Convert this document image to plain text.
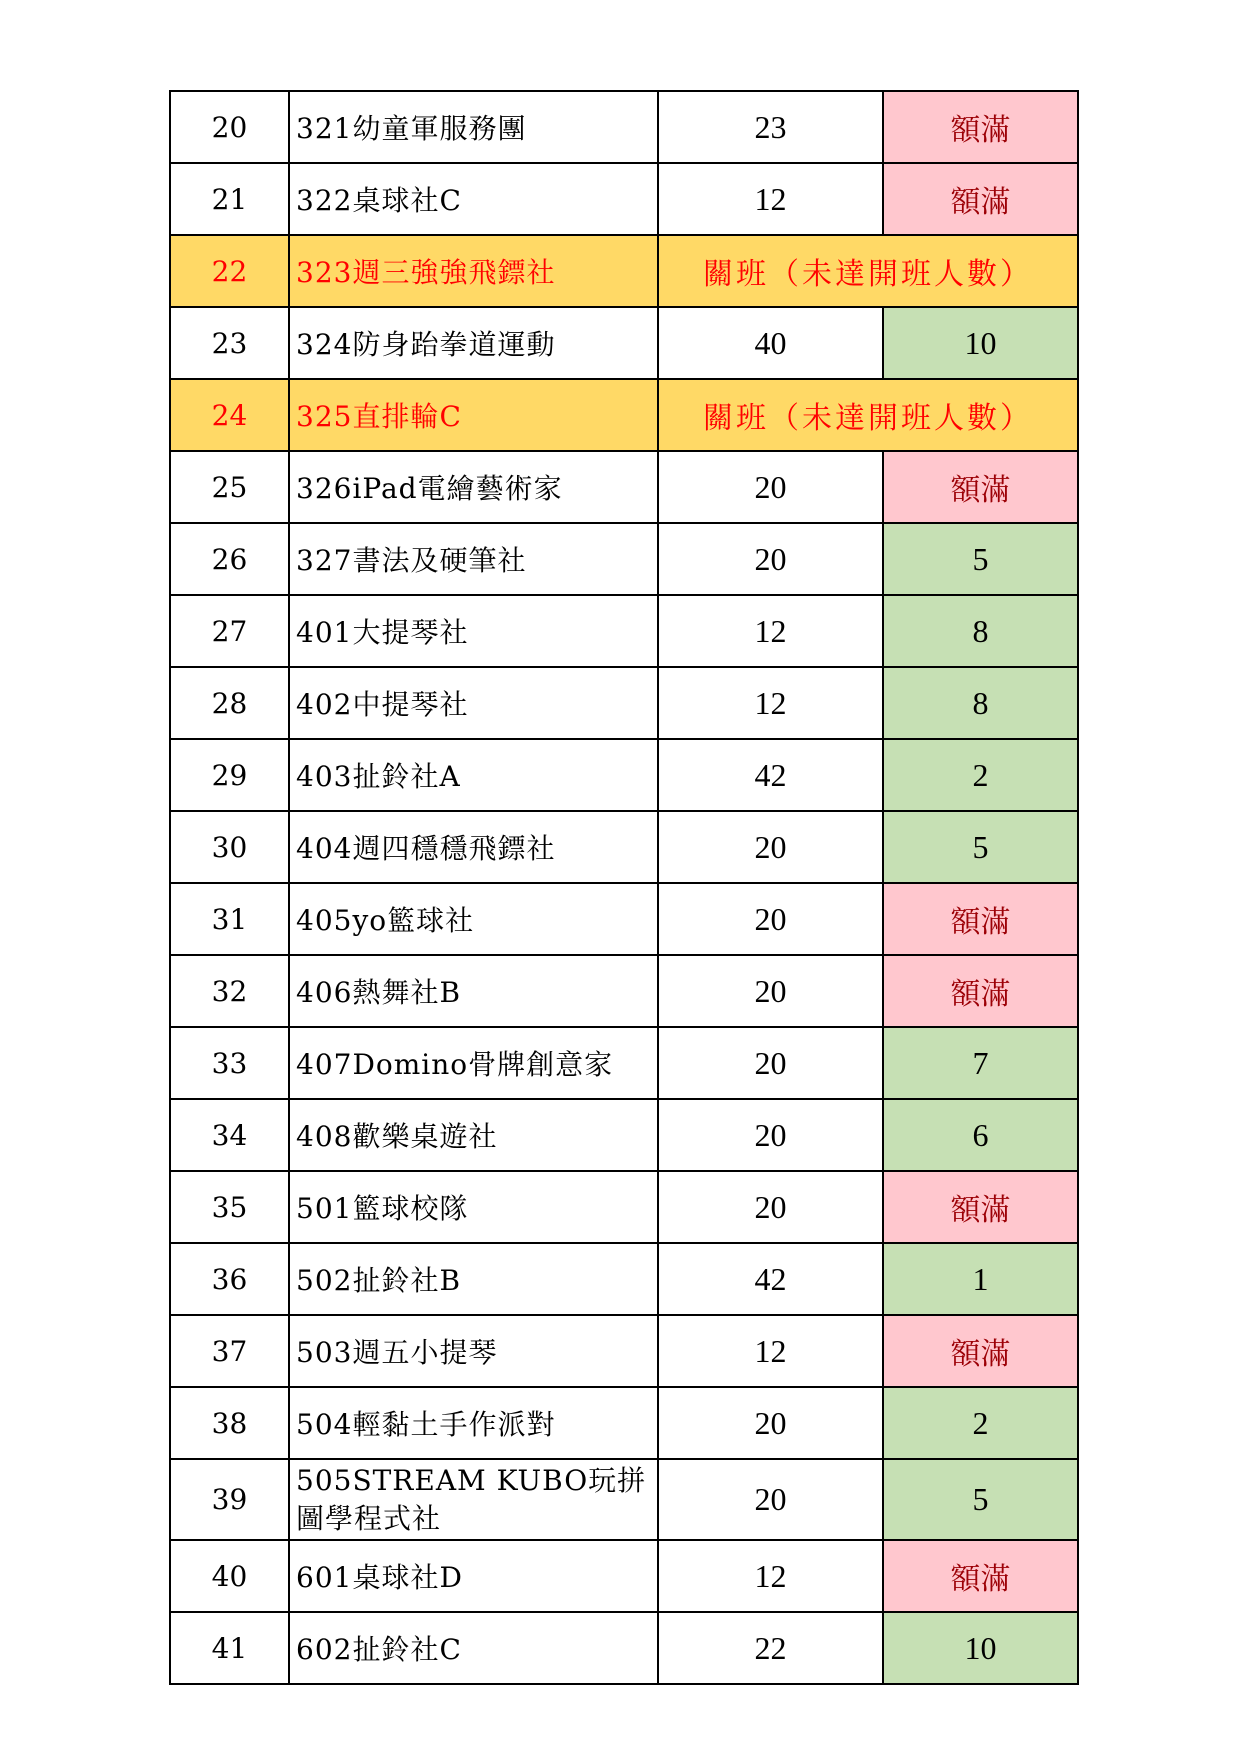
20	321幼童軍服務團	23	額滿
21	322桌球社C	12	額滿
22	323週三強強飛鏢社	關班（未達開班人數）	
23	324防身跆拳道運動	40	10
24	325直排輪C	關班（未達開班人數）	
25	326iPad電繪藝術家	20	額滿
26	327書法及硬筆社	20	5
27	401大提琴社	12	8
28	402中提琴社	12	8
29	403扯鈴社A	42	2
30	404週四穩穩飛鏢社	20	5
31	405yo籃球社	20	額滿
32	406熱舞社B	20	額滿
33	407Domino骨牌創意家	20	7
34	408歡樂桌遊社	20	6
35	501籃球校隊	20	額滿
36	502扯鈴社B	42	1
37	503週五小提琴	12	額滿
38	504輕黏土手作派對	20	2
39	505STREAM KUBO玩拼圖學程式社	20	5
40	601桌球社D	12	額滿
41	602扯鈴社C	22	10
